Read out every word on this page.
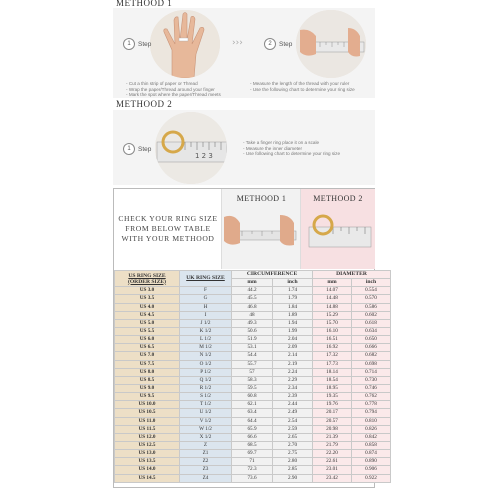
METHOOD 1
1	Step	›››	2	Step
- Cut a thin strip of paper or Thread
- Wrap the paper/Thread around your finger
- Mark the spot where the paper/Thread meets
- Measure the length of the thread with your ruler
- Use the following chart to determine your ring size
METHOOD 2
1	Step
1 2 3
- Take a finger ring place it on a scale
- Measure the inner diameter
- Use following chart to determine your ring size
CHECK YOUR RING SIZE FROM BELOW TABLE WITH YOUR METHOOD
METHOOD 1	METHOOD 2
US RING SIZE (ORDER SIZE)	UK RING SIZE	CIRCUMFERENCE		DIAMETER	
		mm	inch	mm	inch
US 3.0	F	44.2	1.74	14.07	0.554
US 3.5	G	45.5	1.79	14.48	0.570
US 4.0	H	46.8	1.84	14.88	0.586
US 4.5	I	48	1.89	15.29	0.602
US 5.0	J 1/2	49.3	1.94	15.70	0.618
US 5.5	K 1/2	50.6	1.99	16.10	0.634
US 6.0	L 1/2	51.9	2.04	16.51	0.650
US 6.5	M 1/2	53.1	2.09	16.92	0.666
US 7.0	N 1/2	54.4	2.14	17.32	0.682
US 7.5	O 1/2	55.7	2.19	17.73	0.698
US 8.0	P 1/2	57	2.24	18.14	0.714
US 8.5	Q 1/2	58.3	2.29	18.54	0.730
US 9.0	R 1/2	59.5	2.34	18.95	0.746
US 9.5	S 1/2	60.8	2.39	19.35	0.762
US 10.0	T 1/2	62.1	2.44	19.76	0.778
US 10.5	U 1/2	63.4	2.49	20.17	0.794
US 11.0	V 1/2	64.4	2.54	20.57	0.810
US 11.5	W 1/2	65.9	2.59	20.98	0.826
US 12.0	X 1/2	66.6	2.65	21.39	0.842
US 12.5	Z	68.5	2.70	21.79	0.858
US 13.0	Z1	69.7	2.75	22.20	0.874
US 13.5	Z2	71	2.80	22.61	0.890
US 14.0	Z3	72.3	2.85	23.01	0.906
US 14.5	Z4	73.6	2.90	23.42	0.922
